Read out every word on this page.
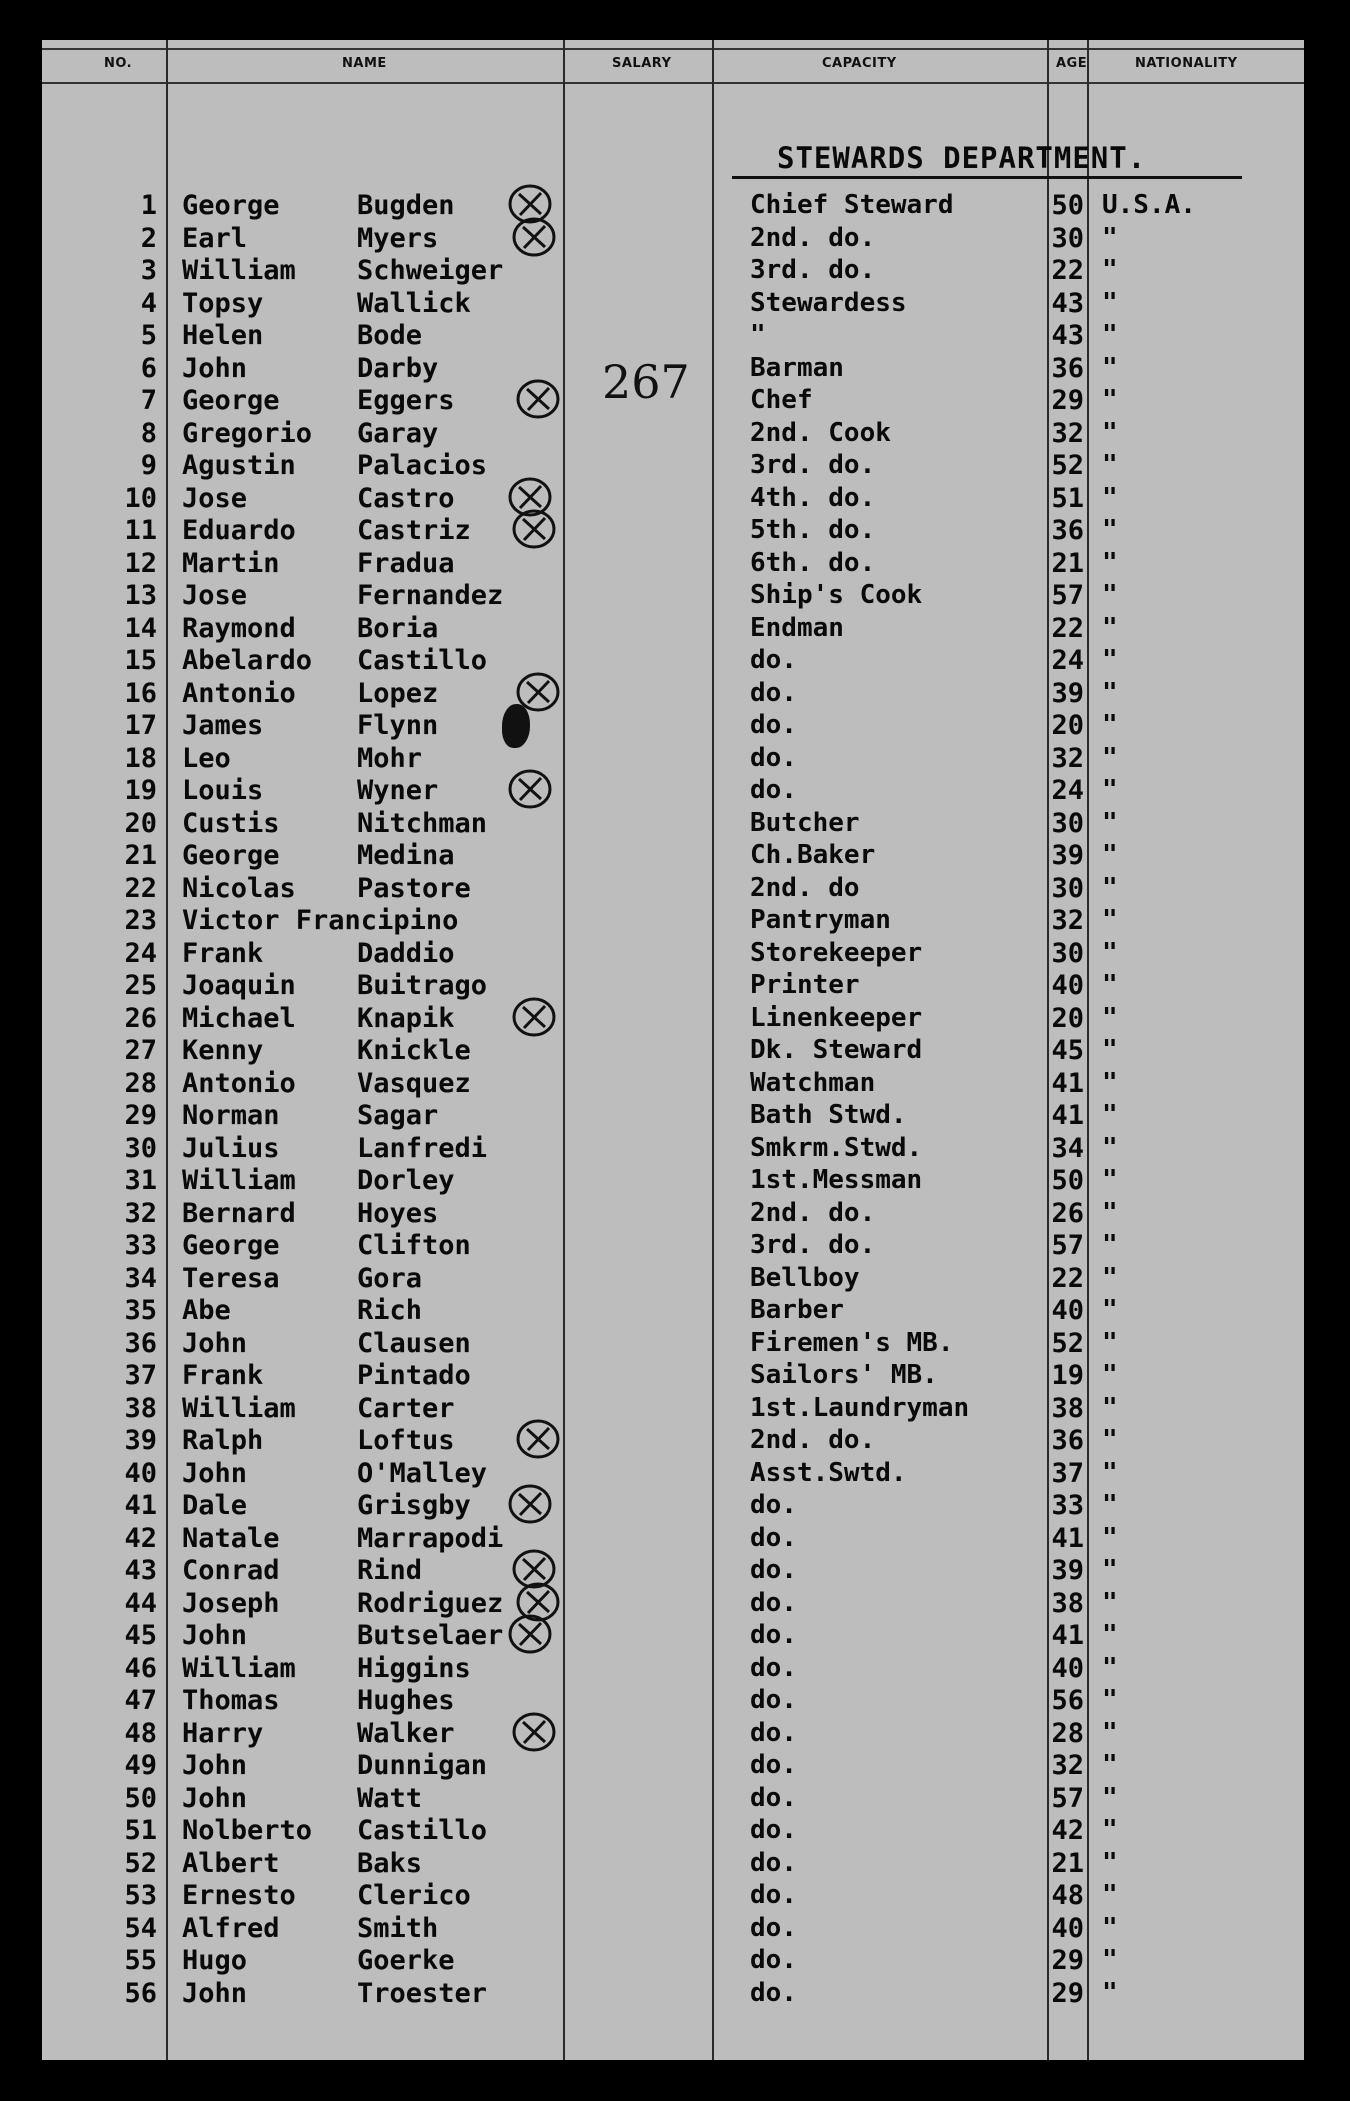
NO.	NAME	SALARY	CAPACITY	AGE	NATIONALITY
STEWARDS DEPARTMENT.
267
1 George	Bugden	Chief Steward	50 U.S.A.
2 Earl	Myers	2nd. do.	30 "
3 William Schweiger	3rd. do.	22 "
4 Topsy	Wallick	Stewardess	43 "
5 Helen	Bode	"	43 "
6 John	Darby	Barman	36 "
7 George	Eggers	Chef	29 "
8 Gregorio Garay	2nd. Cook	32 "
9 Agustin Palacios	3rd. do.	52 "
10 Jose	Castro	4th. do.	51 "
11 Eduardo Castriz	5th. do.	36 "
12 Martin	Fradua	6th. do.	21 "
13 Jose	Fernandez	Ship's Cook	57 "
14 Raymond Boria	Endman	22 "
15 Abelardo Castillo	do.	24 "
16 Antonio Lopez	do.	39 "
17 James	Flynn	do.	20 "
18 Leo	Mohr	do.	32 "
19 Louis	Wyner	do.	24 "
20 Custis	Nitchman	Butcher	30 "
21 George	Medina	Ch.Baker	39 "
22 Nicolas Pastore	2nd. do	30 "
23 Victor Francipino	Pantryman	32 "
24 Frank	Daddio	Storekeeper	30 "
25 Joaquin Buitrago	Printer	40 "
26 Michael Knapik	Linenkeeper	20 "
27 Kenny	Knickle	Dk. Steward	45 "
28 Antonio Vasquez	Watchman	41 "
29 Norman	Sagar	Bath Stwd.	41 "
30 Julius	Lanfredi	Smkrm.Stwd.	34 "
31 William Dorley	1st.Messman	50 "
32 Bernard Hoyes	2nd. do.	26 "
33 George	Clifton	3rd. do.	57 "
34 Teresa	Gora	Bellboy	22 "
35 Abe	Rich	Barber	40 "
36 John	Clausen	Firemen's MB.	52 "
37 Frank	Pintado	Sailors' MB.	19 "
38 William Carter	1st.Laundryman	38 "
39 Ralph	Loftus	2nd. do.	36 "
40 John	O'Malley	Asst.Swtd.	37 "
41 Dale	Grisgby	do.	33 "
42 Natale	Marrapodi	do.	41 "
43 Conrad	Rind	do.	39 "
44 Joseph	Rodriguez	do.	38 "
45 John	Butselaer	do.	41 "
46 William Higgins	do.	40 "
47 Thomas	Hughes	do.	56 "
48 Harry	Walker	do.	28 "
49 John	Dunnigan	do.	32 "
50 John	Watt	do.	57 "
51 Nolberto Castillo	do.	42 "
52 Albert	Baks	do.	21 "
53 Ernesto Clerico	do.	48 "
54 Alfred	Smith	do.	40 "
55 Hugo	Goerke	do.	29 "
56 John	Troester	do.	29 "
